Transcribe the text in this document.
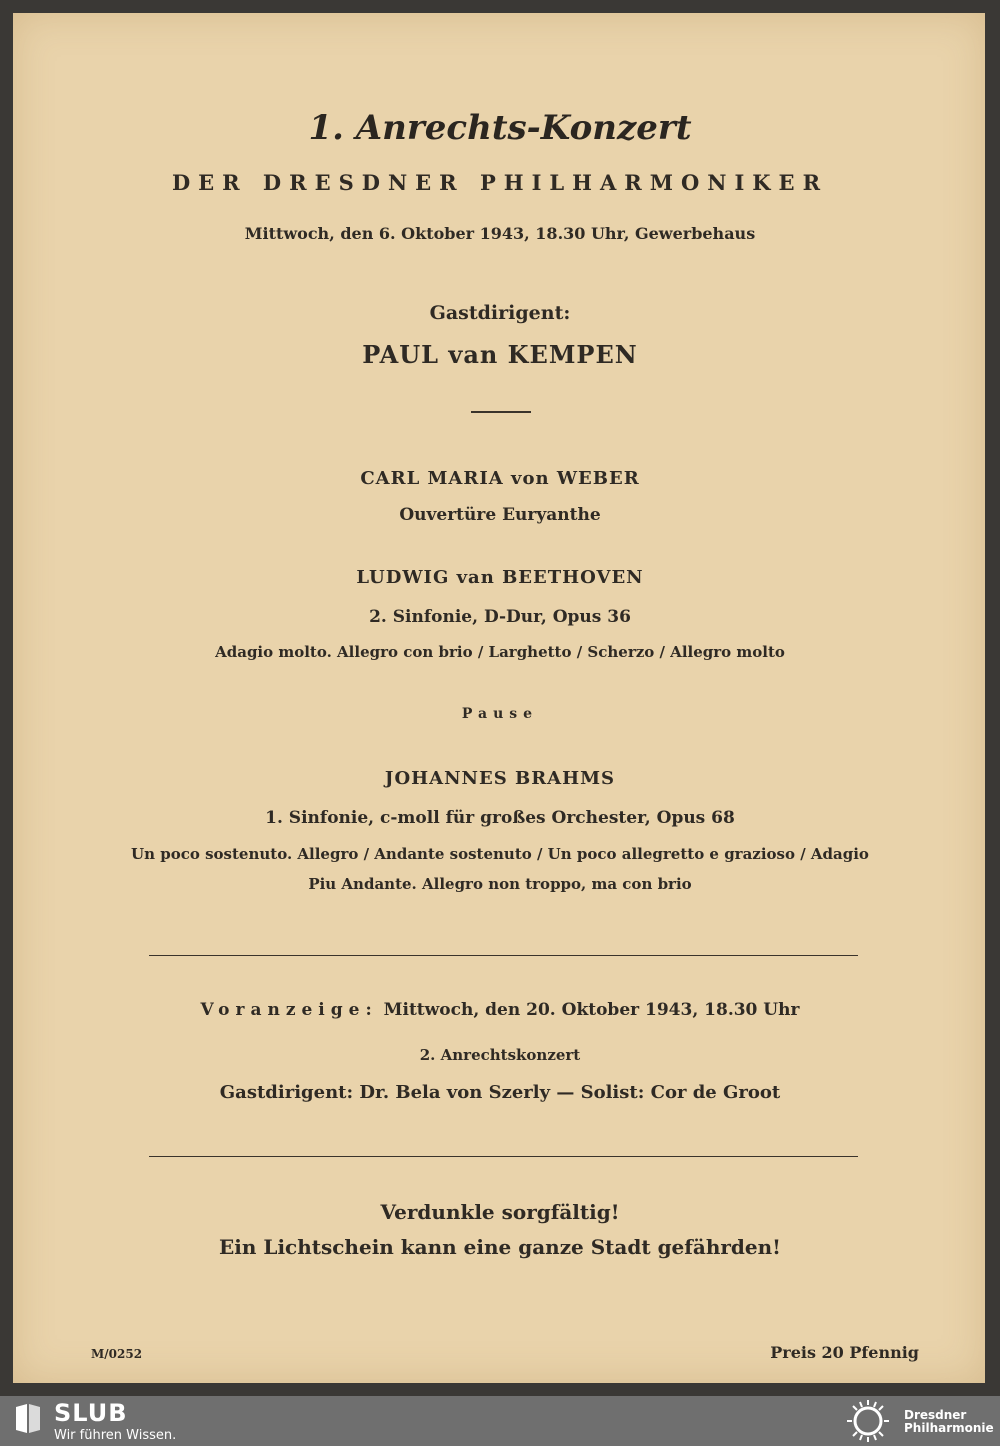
1. Anrechts-Konzert
DER DRESDNER PHILHARMONIKER
Mittwoch, den 6. Oktober 1943, 18.30 Uhr, Gewerbehaus
Gastdirigent:
PAUL van KEMPEN
CARL MARIA von WEBER
Ouvertüre Euryanthe
LUDWIG van BEETHOVEN
2. Sinfonie, D-Dur, Opus 36
Adagio molto. Allegro con brio / Larghetto / Scherzo / Allegro molto
Pause
JOHANNES BRAHMS
1. Sinfonie, c-moll für großes Orchester, Opus 68
Un poco sostenuto. Allegro / Andante sostenuto / Un poco allegretto e grazioso / Adagio
Piu Andante. Allegro non troppo, ma con brio
Voranzeige: Mittwoch, den 20. Oktober 1943, 18.30 Uhr
2. Anrechtskonzert
Gastdirigent: Dr. Bela von Szerly — Solist: Cor de Groot
Verdunkle sorgfältig!
Ein Lichtschein kann eine ganze Stadt gefährden!
M/0252	Preis 20 Pfennig
SLUB
Wir führen Wissen.
Dresdner
Philharmonie
